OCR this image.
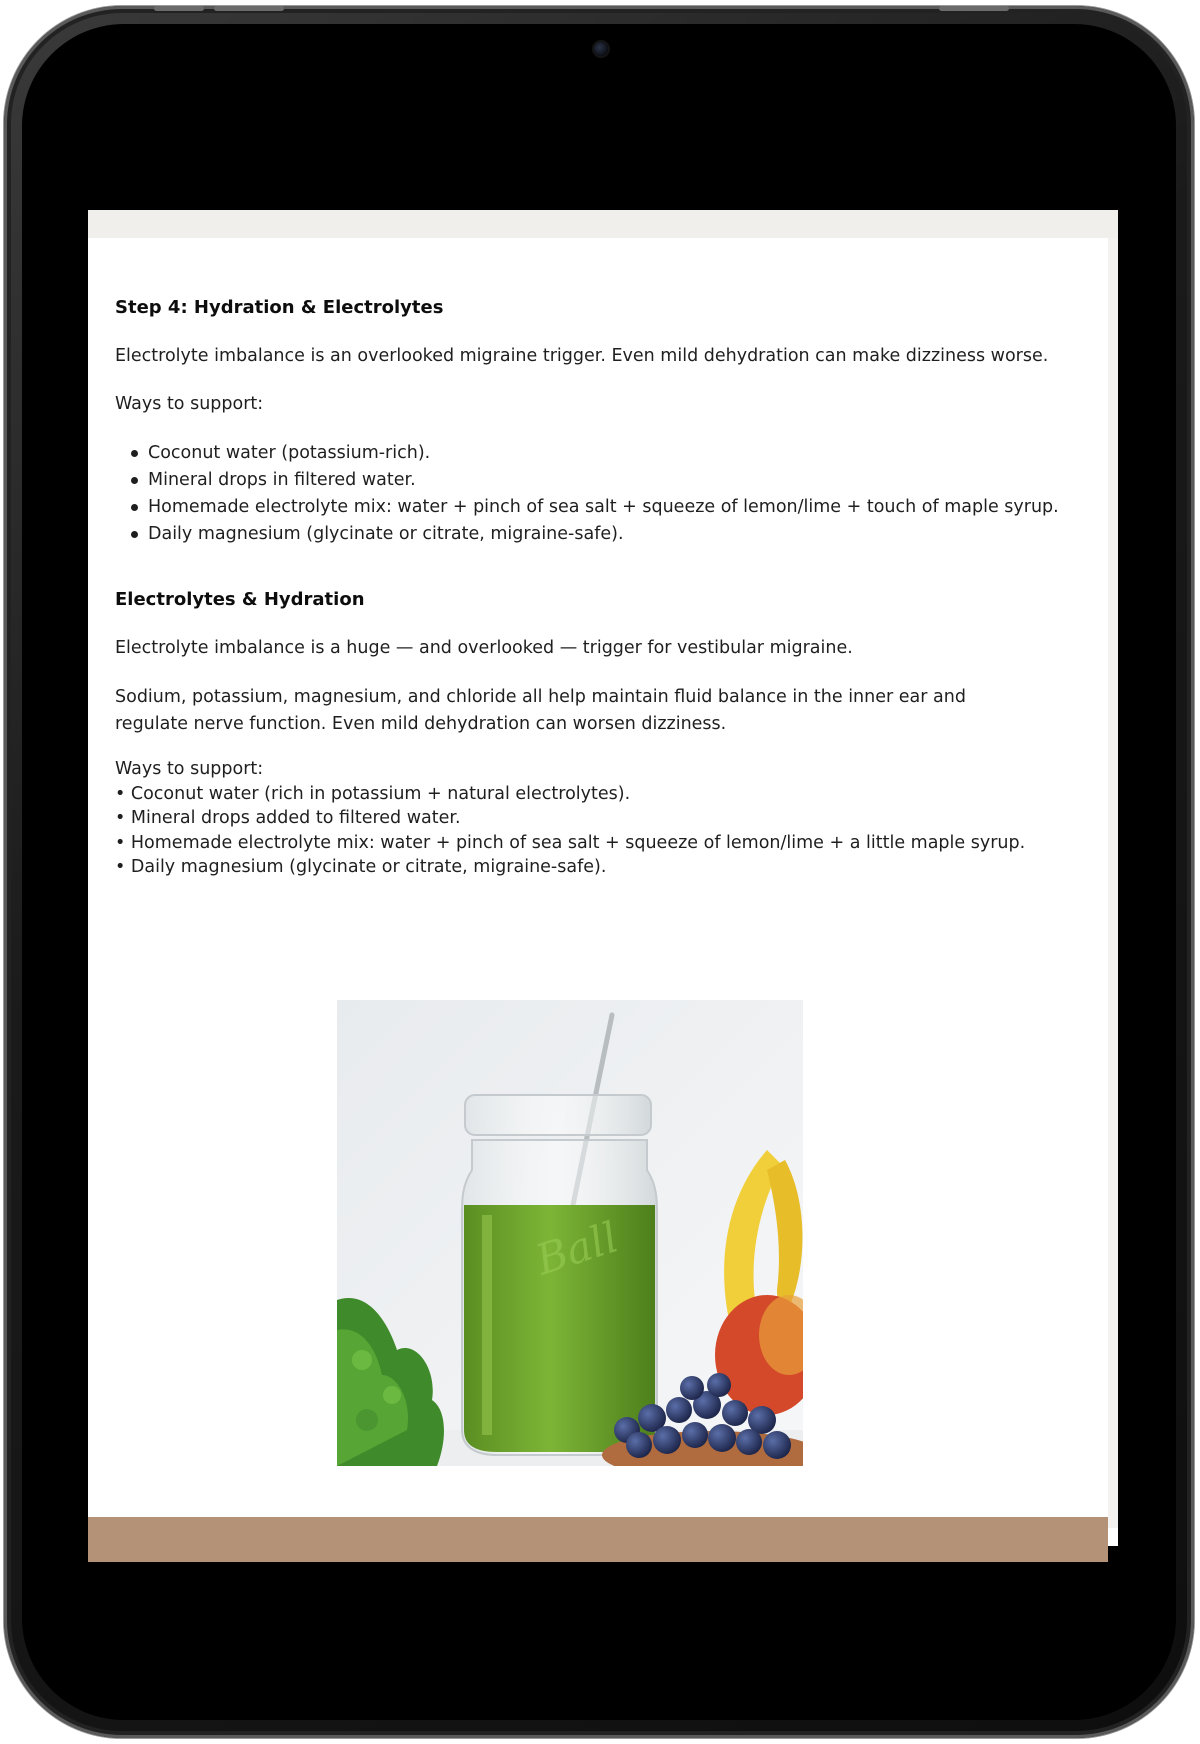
Step 4: Hydration & Electrolytes
Electrolyte imbalance is an overlooked migraine trigger. Even mild dehydration can make dizziness worse.
Ways to support:
Coconut water (potassium-rich).
Mineral drops in filtered water.
Homemade electrolyte mix: water + pinch of sea salt + squeeze of lemon/lime + touch of maple syrup.
Daily magnesium (glycinate or citrate, migraine-safe).
Electrolytes & Hydration
Electrolyte imbalance is a huge — and overlooked — trigger for vestibular migraine.
Sodium, potassium, magnesium, and chloride all help maintain fluid balance in the inner ear and regulate nerve function. Even mild dehydration can worsen dizziness.
Ways to support:
• Coconut water (rich in potassium + natural electrolytes).
• Mineral drops added to filtered water.
• Homemade electrolyte mix: water + pinch of sea salt + squeeze of lemon/lime + a little maple syrup.
• Daily magnesium (glycinate or citrate, migraine-safe).
Ball
